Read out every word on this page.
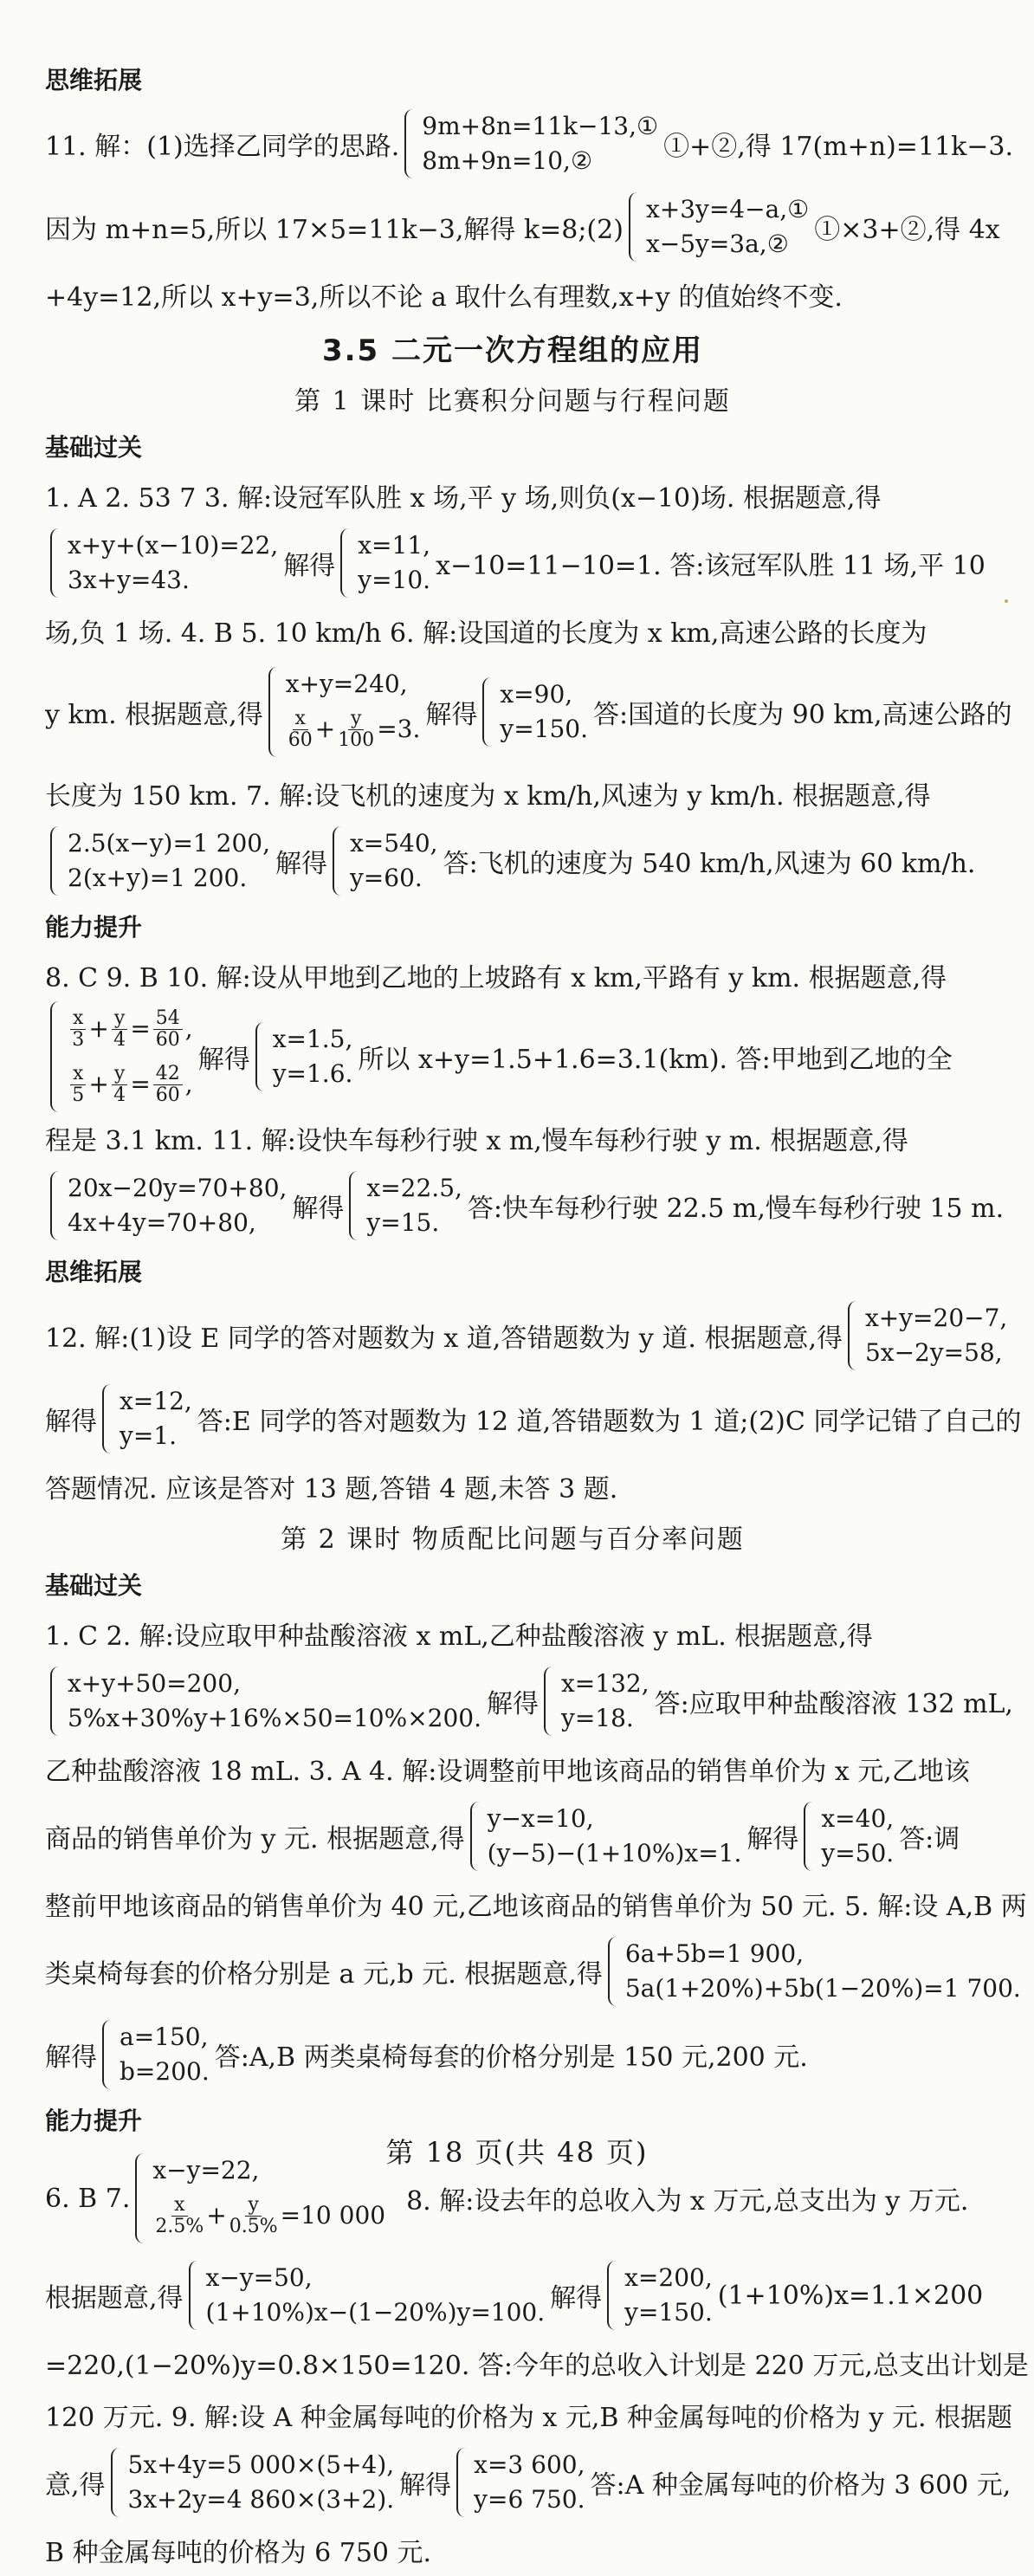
思维拓展
11. 解：(1)选择乙同学的思路.
9m+8n=11k−13,①
8m+9n=10,②	①+②,得 17(m+n)=11k−3.
因为 m+n=5,所以 17×5=11k−3,解得 k=8;(2)
x+3y=4−a,①
x−5y=3a,② ①×3+②,得 4x
+4y=12,所以 x+y=3,所以不论 a 取什么有理数,x+y 的值始终不变.
3.5 二元一次方程组的应用
第 1 课时 比赛积分问题与行程问题
基础过关
1. A 2. 53 7 3. 解:设冠军队胜 x 场,平 y 场,则负(x−10)场. 根据题意,得
x+y+(x−10)=22,
3x+y=43.	解得
x=11,
y=10. x−10=11−10=1. 答:该冠军队胜 11 场,平 10
场,负 1 场. 4. B 5. 10 km/h 6. 解:设国道的长度为 x km,高速公路的长度为
y km. 根据题意,得
x+y=240,
$\frac{x}{60} + \frac{y}{100} =3$. 解得
x=90,
y=150. 答:国道的长度为 90 km,高速公路的
长度为 150 km. 7. 解:设飞机的速度为 x km/h,风速为 y km/h. 根据题意,得
2.5(x−y)=1 200,
2(x+y)=1 200.	解得
x=540,
y=60. 答:飞机的速度为 540 km/h,风速为 60 km/h.
能力提升
8. C 9. B 10. 解:设从甲地到乙地的上坡路有 x km,平路有 y km. 根据题意,得
$\frac{x}{3} + \frac{y}{4} = \frac{54}{60}$ ,
$\frac{x}{5} + \frac{y}{4} = \frac{42}{60}$ ,
解得
x=1.5,
y=1.6. 所以 x+y=1.5+1.6=3.1(km). 答:甲地到乙地的全
程是 3.1 km. 11. 解:设快车每秒行驶 x m,慢车每秒行驶 y m. 根据题意,得
20x−20y=70+80,
4x+4y=70+80,	解得
x=22.5,
y=15.	答:快车每秒行驶 22.5 m,慢车每秒行驶 15 m.
思维拓展
12. 解:(1)设 E 同学的答对题数为 x 道,答错题数为 y 道. 根据题意,得
x+y=20−7,
5x−2y=58,
解得
x=12,
y=1. 答:E 同学的答对题数为 12 道,答错题数为 1 道;(2)C 同学记错了自己的
答题情况. 应该是答对 13 题,答错 4 题,未答 3 题.
第 2 课时 物质配比问题与百分率问题
基础过关
1. C 2. 解:设应取甲种盐酸溶液 x mL,乙种盐酸溶液 y mL. 根据题意,得
x+y+50=200,
5%x+30%y+16%×50=10%×200. 解得
x=132,
y=18. 答:应取甲种盐酸溶液 132 mL,
乙种盐酸溶液 18 mL. 3. A 4. 解:设调整前甲地该商品的销售单价为 x 元,乙地该
商品的销售单价为 y 元. 根据题意,得
y−x=10,
(y−5)−(1+10%)x=1. 解得
x=40,
y=50. 答:调
整前甲地该商品的销售单价为 40 元,乙地该商品的销售单价为 50 元. 5. 解:设 A,B 两
类桌椅每套的价格分别是 a 元,b 元. 根据题意,得
6a+5b=1 900,
5a(1+20%)+5b(1−20%)=1 700.
解得
a=150,
b=200. 答:A,B 两类桌椅每套的价格分别是 150 元,200 元.
能力提升
6. B 7.
x−y=22,
$\frac{x}{2.5\%} + \frac{y}{0.5\%} =10$ 000 8. 解:设去年的总收入为 x 万元,总支出为 y 万元.
根据题意,得
x−y=50,
(1+10%)x−(1−20%)y=100. 解得
x=200,
y=150.
(1+10%)x=1.1×200
=220,(1−20%)y=0.8×150=120. 答:今年的总收入计划是 220 万元,总支出计划是
120 万元. 9. 解:设 A 种金属每吨的价格为 x 元,B 种金属每吨的价格为 y 元. 根据题
意,得
5x+4y=5 000×(5+4),
3x+2y=4 860×(3+2). 解得
x=3 600,
y=6 750. 答:A 种金属每吨的价格为 3 600 元,
B 种金属每吨的价格为 6 750 元.
第 18 页(共 48 页)
